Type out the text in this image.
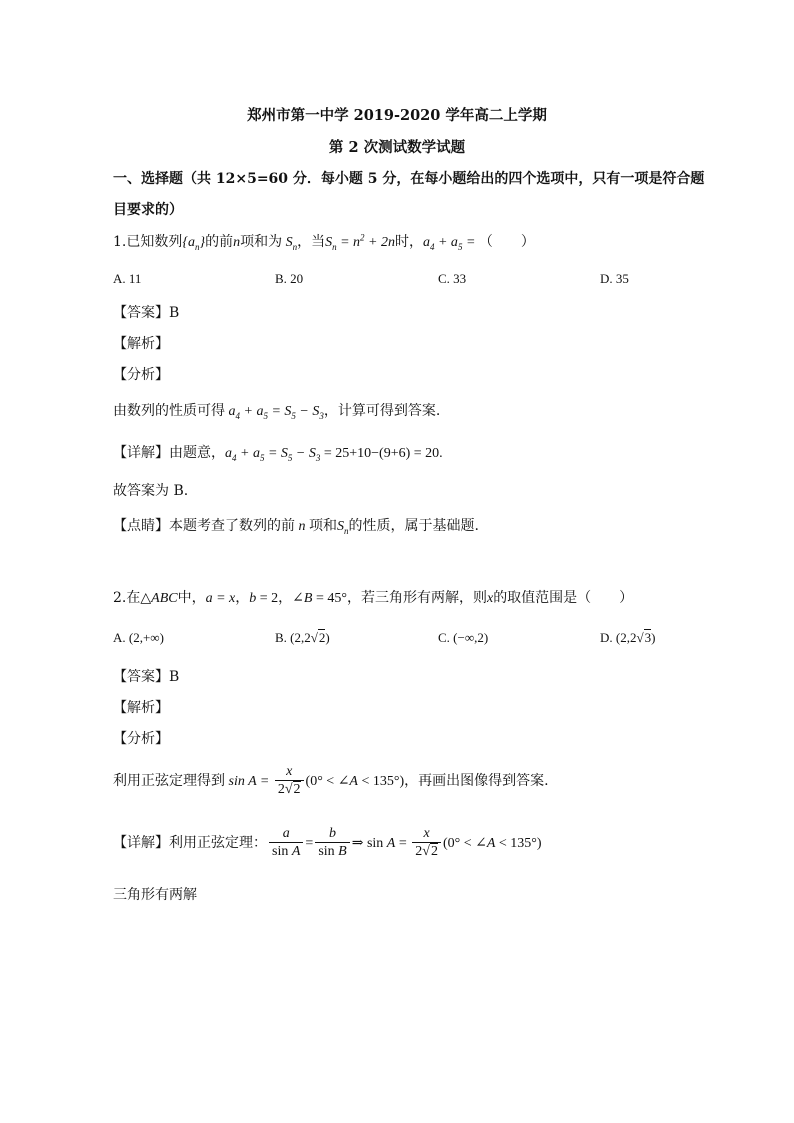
郑州市第一中学 2019-2020 学年高二上学期
第 2 次测试数学试题
一、选择题（共 12×5=60 分．每小题 5 分，在每小题给出的四个选项中，只有一项是符合题
目要求的）
1.已知数列$\{a_n\}$的前n项和为 $S_n$，当$S_n = n^2 + 2n$时，$a_4 + a_5$ = （　　）
A. 11	B. 20	C. 33	D. 35
【答案】B
【解析】
【分析】
由数列的性质可得 $a_4 + a_5 = S_5 - S_3$，计算可得到答案.
【详解】由题意，$a_4 + a_5 = S_5 - S_3 = 25+10-(9+6) = 20$.
故答案为 B.
【点睛】本题考查了数列的前 n 项和$S_n$的性质，属于基础题.
2.在△ABC中，a = x，b = 2，∠B = 45°，若三角形有两解，则x的取值范围是（　　）
A. (2,+∞)	B. (2,2√2)	C. (−∞,2)	D. (2,2√3)
【答案】B
【解析】
【分析】
利用正弦定理得到 $\sin A = \frac{x}{2√2} (0^\circ$ < ∠A < 135°)，再画出图像得到答案.
【详解】利用正弦定理： $\frac{a}{\text{sin A}} = \frac{b}{\text{sin B}}$ ⇒ $\sin A = \frac{x}{2√2} (0^\circ$ < ∠A < 135°)
三角形有两解
